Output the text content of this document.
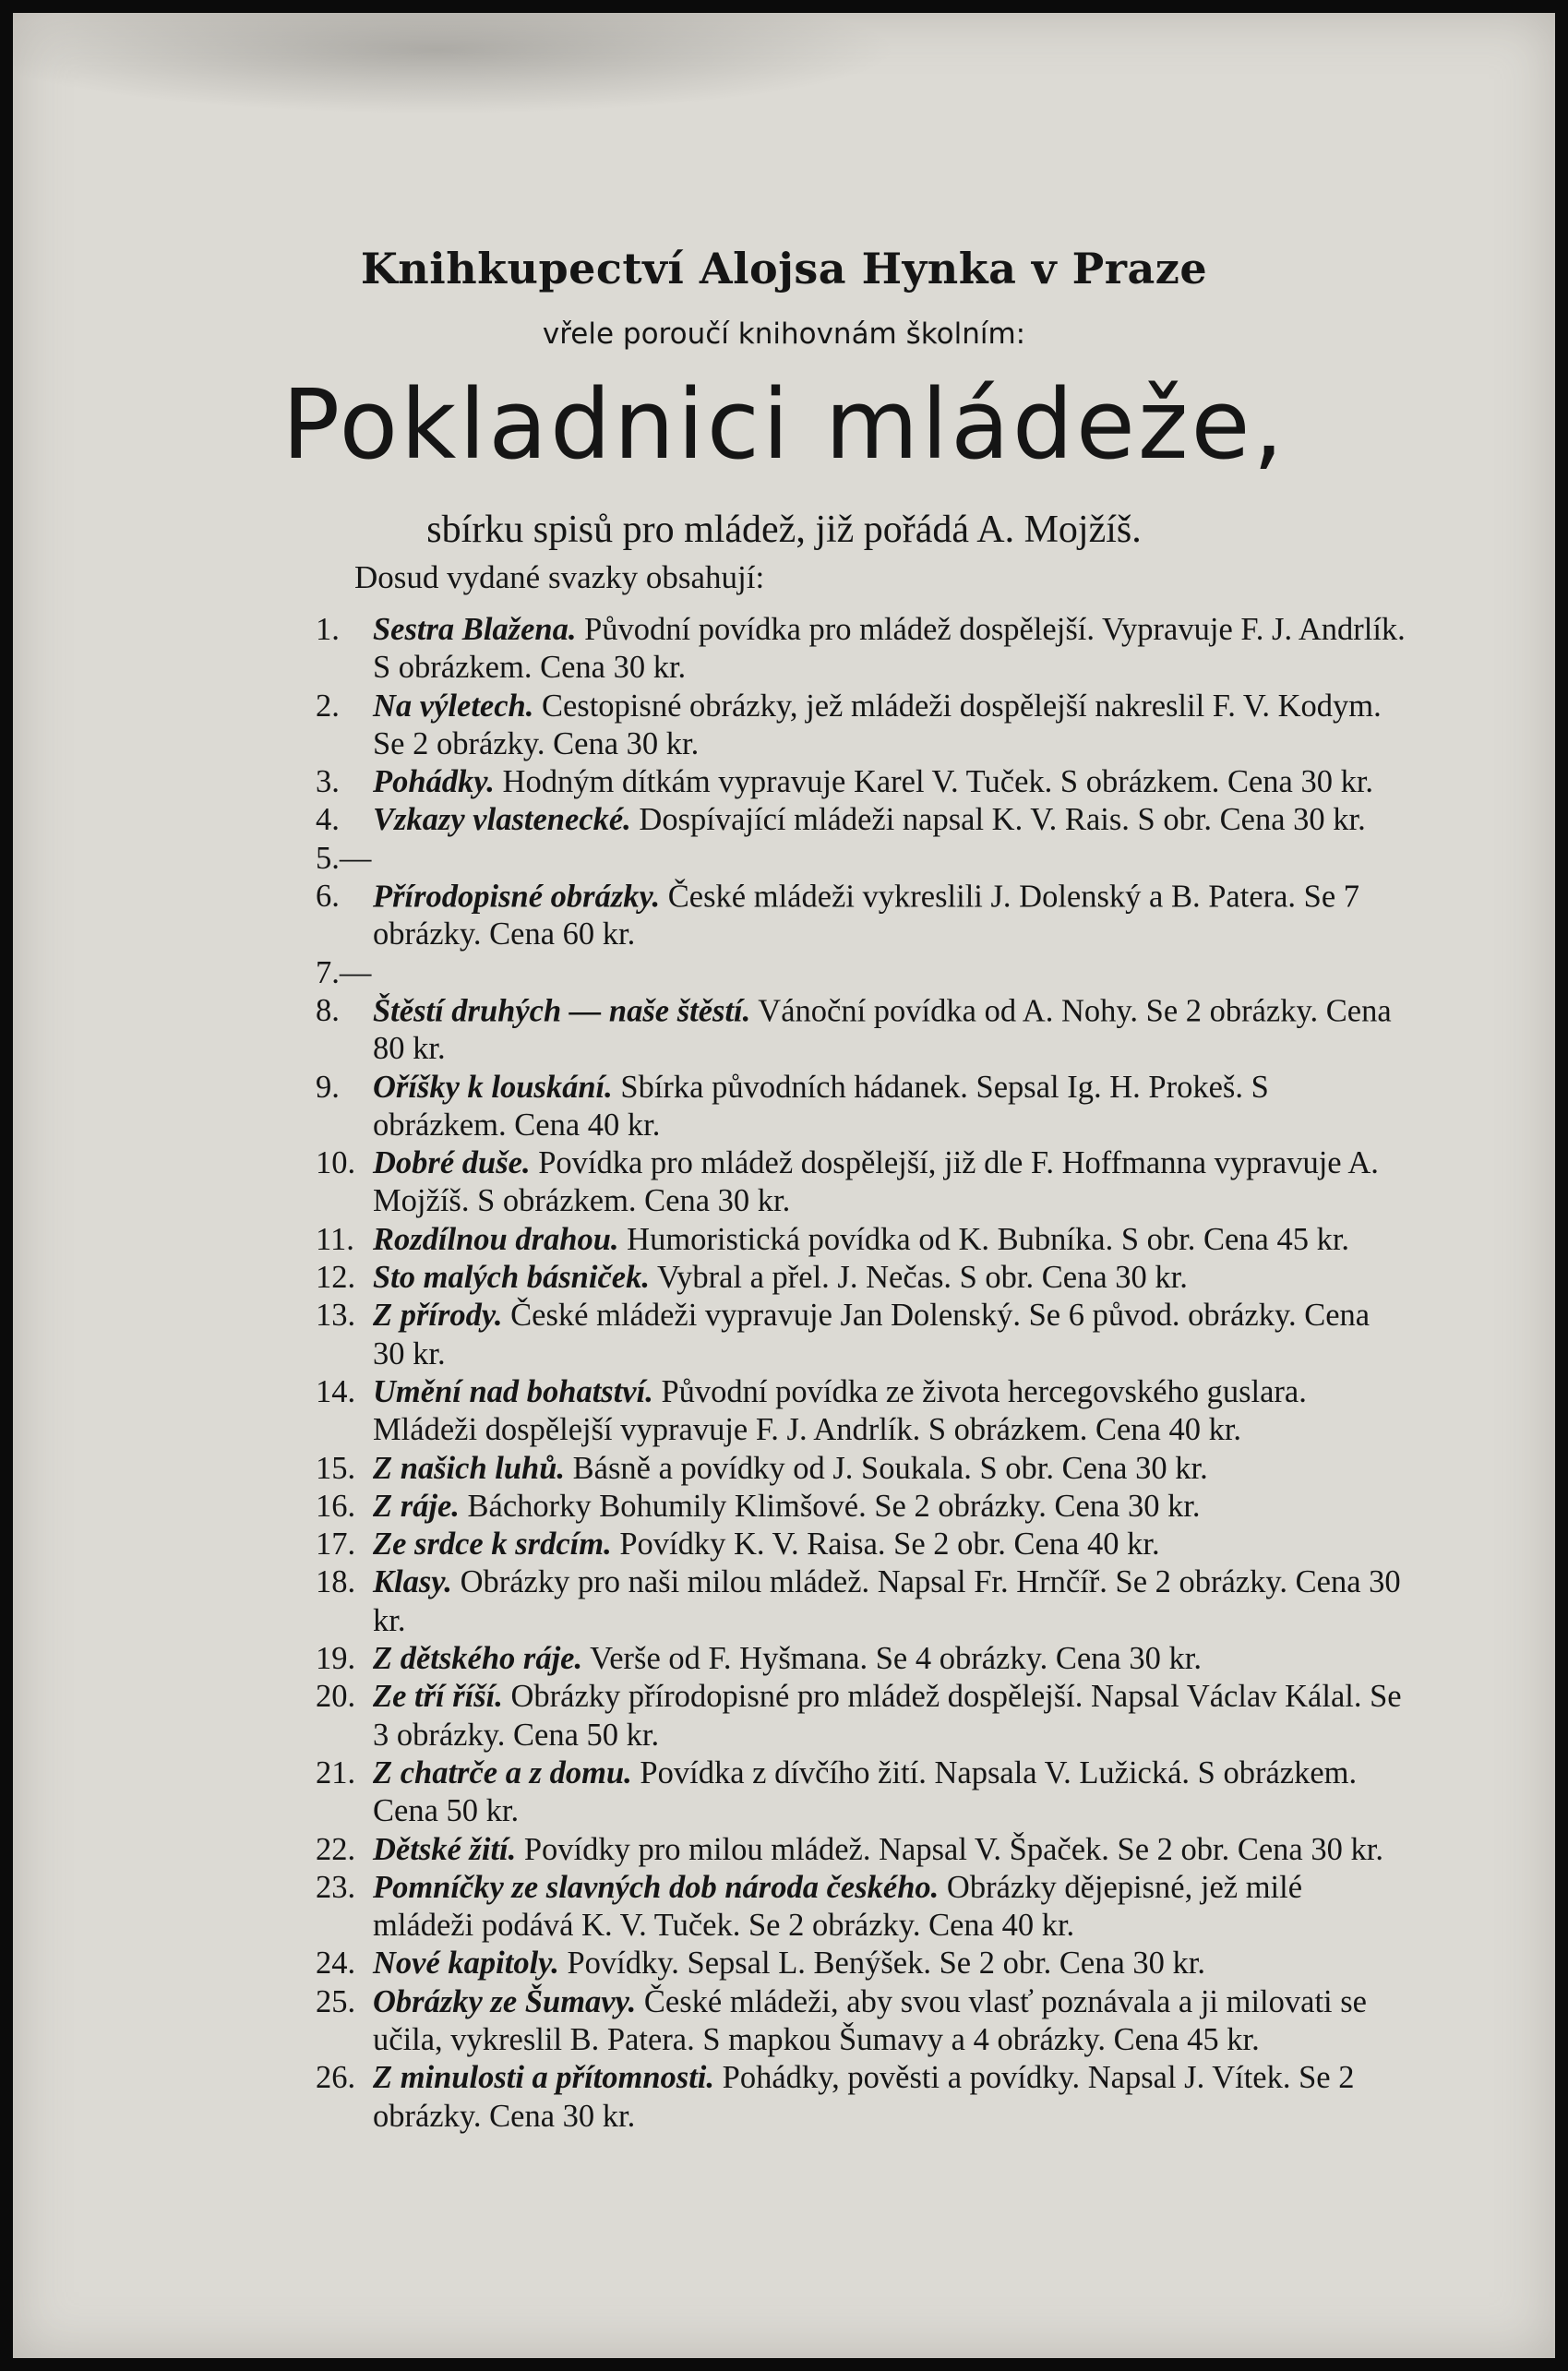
Knihkupectví Alojsa Hynka v Praze
vřele poroučí knihovnám školním:
Pokladnici mládeže,
sbírku spisů pro mládež, již pořádá A. Mojžíš.
Dosud vydané svazky obsahují:
1. Sestra Blažena. Původní povídka pro mládež dospělejší. Vypravuje F. J. Andrlík. S obrázkem. Cena 30 kr.
2. Na výletech. Cestopisné obrázky, jež mládeži dospělejší nakreslil F. V. Kodym. Se 2 obrázky. Cena 30 kr.
3. Pohádky. Hodným dítkám vypravuje Karel V. Tuček. S obrázkem. Cena 30 kr.
4. Vzkazy vlastenecké. Dospívající mládeži napsal K. V. Rais. S obr. Cena 30 kr.
5.—6. Přírodopisné obrázky. České mládeži vykreslili J. Dolenský a B. Patera. Se 7 obrázky. Cena 60 kr.
7.—8. Štěstí druhých — naše štěstí. Vánoční povídka od A. Nohy. Se 2 obrázky. Cena 80 kr.
9. Oříšky k louskání. Sbírka původních hádanek. Sepsal Ig. H. Prokeš. S obrázkem. Cena 40 kr.
10. Dobré duše. Povídka pro mládež dospělejší, již dle F. Hoffmanna vypravuje A. Mojžíš. S obrázkem. Cena 30 kr.
11. Rozdílnou drahou. Humoristická povídka od K. Bubníka. S obr. Cena 45 kr.
12. Sto malých básniček. Vybral a přel. J. Nečas. S obr. Cena 30 kr.
13. Z přírody. České mládeži vypravuje Jan Dolenský. Se 6 původ. obrázky. Cena 30 kr.
14. Umění nad bohatství. Původní povídka ze života hercegovského guslara. Mládeži dospělejší vypravuje F. J. Andrlík. S obrázkem. Cena 40 kr.
15. Z našich luhů. Básně a povídky od J. Soukala. S obr. Cena 30 kr.
16. Z ráje. Báchorky Bohumily Klimšové. Se 2 obrázky. Cena 30 kr.
17. Ze srdce k srdcím. Povídky K. V. Raisa. Se 2 obr. Cena 40 kr.
18. Klasy. Obrázky pro naši milou mládež. Napsal Fr. Hrnčíř. Se 2 obrázky. Cena 30 kr.
19. Z dětského ráje. Verše od F. Hyšmana. Se 4 obrázky. Cena 30 kr.
20. Ze tří říší. Obrázky přírodopisné pro mládež dospělejší. Napsal Václav Kálal. Se 3 obrázky. Cena 50 kr.
21. Z chatrče a z domu. Povídka z dívčího žití. Napsala V. Lužická. S obrázkem. Cena 50 kr.
22. Dětské žití. Povídky pro milou mládež. Napsal V. Špaček. Se 2 obr. Cena 30 kr.
23. Pomníčky ze slavných dob národa českého. Obrázky dějepisné, jež milé mládeži podává K. V. Tuček. Se 2 obrázky. Cena 40 kr.
24. Nové kapitoly. Povídky. Sepsal L. Benýšek. Se 2 obr. Cena 30 kr.
25. Obrázky ze Šumavy. České mládeži, aby svou vlasť poznávala a ji milovati se učila, vykreslil B. Patera. S mapkou Šumavy a 4 obrázky. Cena 45 kr.
26. Z minulosti a přítomnosti. Pohádky, pověsti a povídky. Napsal J. Vítek. Se 2 obrázky. Cena 30 kr.
